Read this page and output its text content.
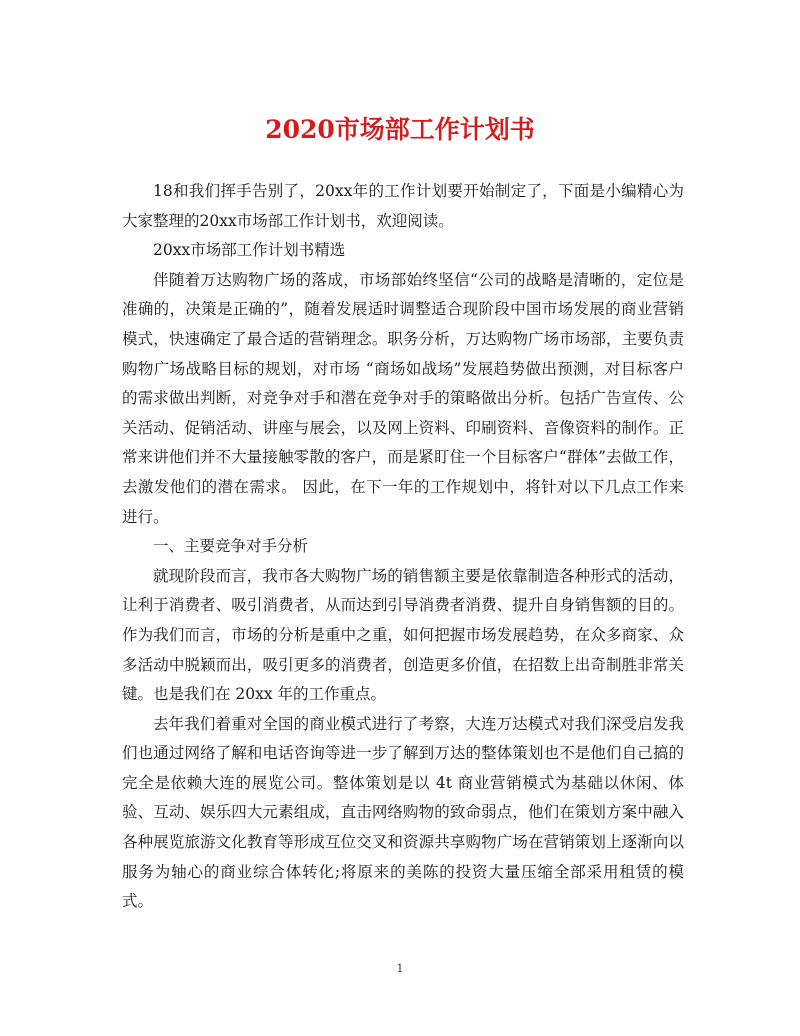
2020市场部工作计划书

18和我们挥手告别了，20xx年的工作计划要开始制定了，下面是小编精心为大家整理的20xx市场部工作计划书，欢迎阅读。

20xx市场部工作计划书精选

伴随着万达购物广场的落成，市场部始终坚信“公司的战略是清晰的，定位是准确的，决策是正确的”，随着发展适时调整适合现阶段中国市场发展的商业营销模式，快速确定了最合适的营销理念。职务分析，万达购物广场市场部，主要负责购物广场战略目标的规划，对市场 “商场如战场”发展趋势做出预测，对目标客户的需求做出判断，对竞争对手和潜在竞争对手的策略做出分析。包括广告宣传、公关活动、促销活动、讲座与展会，以及网上资料、印刷资料、音像资料的制作。正常来讲他们并不大量接触零散的客户，而是紧盯住一个目标客户“群体”去做工作，去激发他们的潜在需求。 因此，在下一年的工作规划中，将针对以下几点工作来进行。

一、主要竞争对手分析

就现阶段而言，我市各大购物广场的销售额主要是依靠制造各种形式的活动，让利于消费者、吸引消费者，从而达到引导消费者消费、提升自身销售额的目的。作为我们而言，市场的分析是重中之重，如何把握市场发展趋势，在众多商家、众多活动中脱颖而出，吸引更多的消费者，创造更多价值，在招数上出奇制胜非常关键。也是我们在 20xx 年的工作重点。

去年我们着重对全国的商业模式进行了考察，大连万达模式对我们深受启发我们也通过网络了解和电话咨询等进一步了解到万达的整体策划也不是他们自己搞的完全是依赖大连的展览公司。整体策划是以 4t 商业营销模式为基础以休闲、体验、互动、娱乐四大元素组成，直击网络购物的致命弱点，他们在策划方案中融入各种展览旅游文化教育等形成互位交叉和资源共享购物广场在营销策划上逐渐向以服务为轴心的商业综合体转化;将原来的美陈的投资大量压缩全部采用租赁的模式。

1
